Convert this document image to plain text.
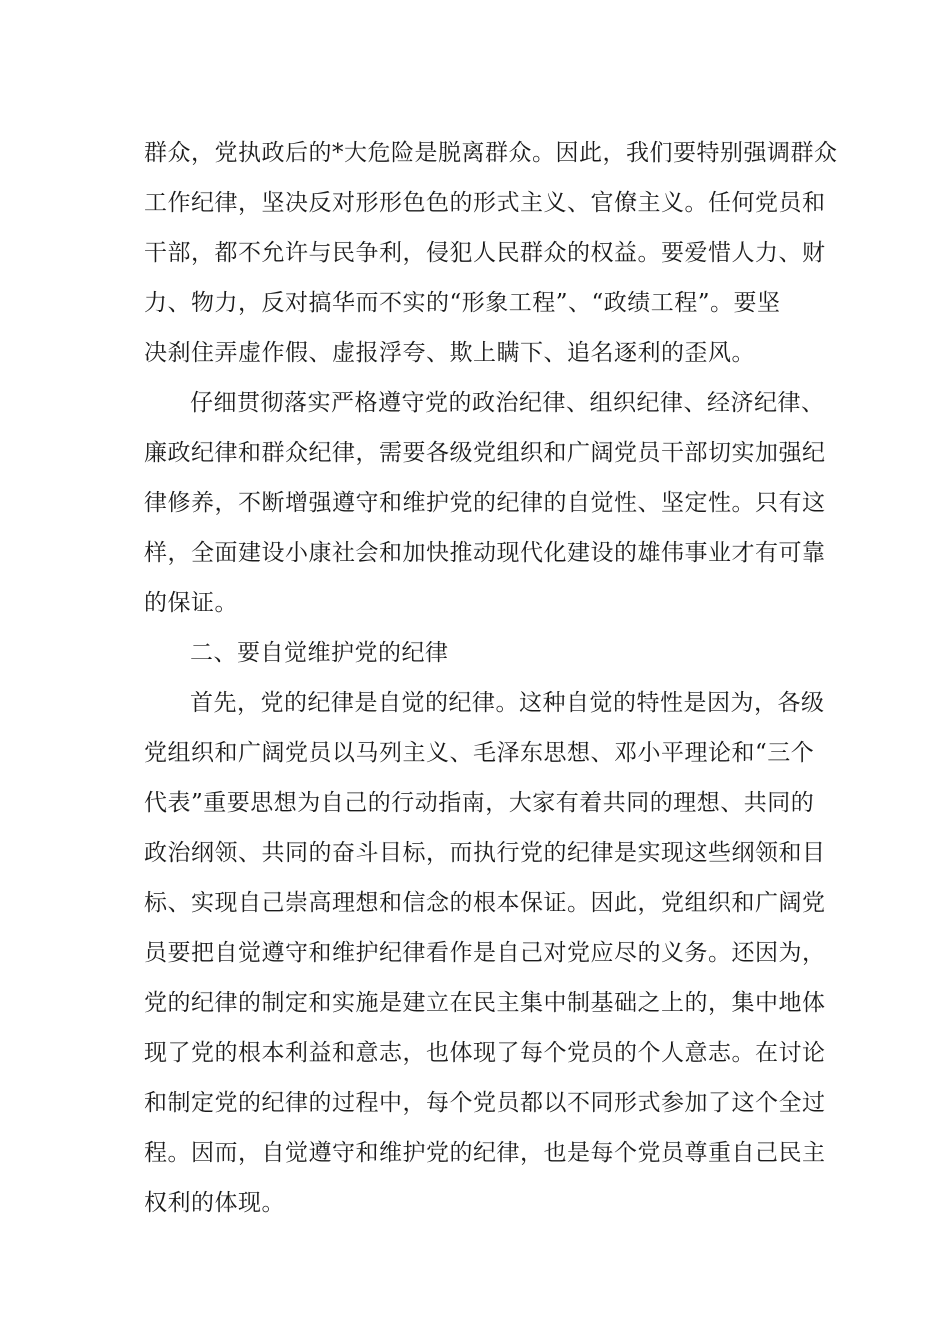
群众，党执政后的*大危险是脱离群众。因此，我们要特别强调群众
工作纪律，坚决反对形形色色的形式主义、官僚主义。任何党员和
干部，都不允许与民争利，侵犯人民群众的权益。要爱惜人力、财
力、物力，反对搞华而不实的“形象工程”、“政绩工程”。要坚
决刹住弄虚作假、虚报浮夸、欺上瞒下、追名逐利的歪风。
仔细贯彻落实严格遵守党的政治纪律、组织纪律、经济纪律、
廉政纪律和群众纪律，需要各级党组织和广阔党员干部切实加强纪
律修养，不断增强遵守和维护党的纪律的自觉性、坚定性。只有这
样，全面建设小康社会和加快推动现代化建设的雄伟事业才有可靠
的保证。
二、要自觉维护党的纪律
首先，党的纪律是自觉的纪律。这种自觉的特性是因为，各级
党组织和广阔党员以马列主义、毛泽东思想、邓小平理论和“三个
代表”重要思想为自己的行动指南，大家有着共同的理想、共同的
政治纲领、共同的奋斗目标，而执行党的纪律是实现这些纲领和目
标、实现自己崇高理想和信念的根本保证。因此，党组织和广阔党
员要把自觉遵守和维护纪律看作是自己对党应尽的义务。还因为，
党的纪律的制定和实施是建立在民主集中制基础之上的，集中地体
现了党的根本利益和意志，也体现了每个党员的个人意志。在讨论
和制定党的纪律的过程中，每个党员都以不同形式参加了这个全过
程。因而，自觉遵守和维护党的纪律，也是每个党员尊重自己民主
权利的体现。
